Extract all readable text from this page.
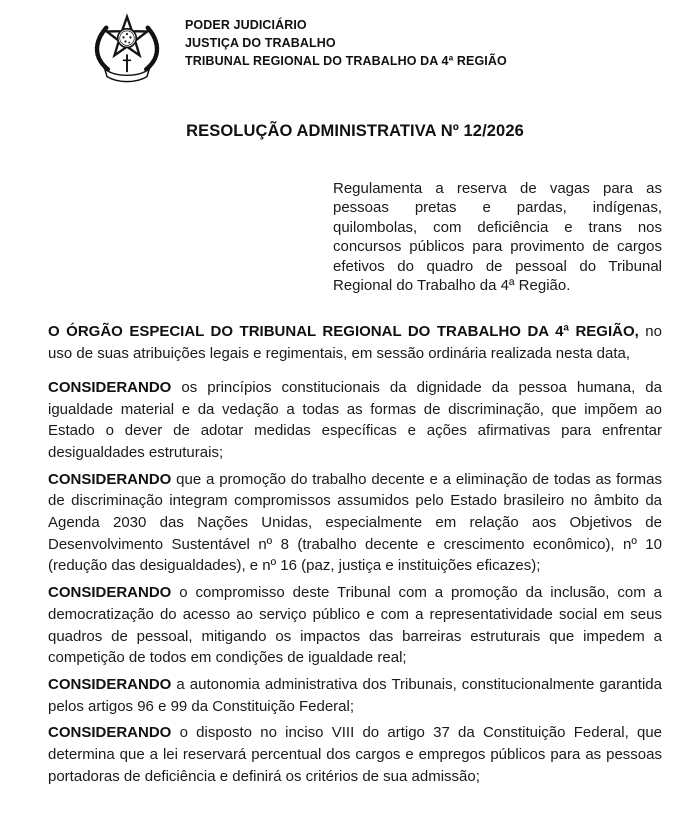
PODER JUDICIÁRIO
JUSTIÇA DO TRABALHO
TRIBUNAL REGIONAL DO TRABALHO DA 4ª REGIÃO
RESOLUÇÃO ADMINISTRATIVA Nº 12/2026

Regulamenta a reserva de vagas para as pessoas pretas e pardas, indígenas, quilombolas, com deficiência e trans nos concursos públicos para provimento de cargos efetivos do quadro de pessoal do Tribunal Regional do Trabalho da 4ª Região.

O ÓRGÃO ESPECIAL DO TRIBUNAL REGIONAL DO TRABALHO DA 4ª REGIÃO, no uso de suas atribuições legais e regimentais, em sessão ordinária realizada nesta data,

CONSIDERANDO os princípios constitucionais da dignidade da pessoa humana, da igualdade material e da vedação a todas as formas de discriminação, que impõem ao Estado o dever de adotar medidas específicas e ações afirmativas para enfrentar desigualdades estruturais;

CONSIDERANDO que a promoção do trabalho decente e a eliminação de todas as formas de discriminação integram compromissos assumidos pelo Estado brasileiro no âmbito da Agenda 2030 das Nações Unidas, especialmente em relação aos Objetivos de Desenvolvimento Sustentável nº 8 (trabalho decente e crescimento econômico), nº 10 (redução das desigualdades), e nº 16 (paz, justiça e instituições eficazes);

CONSIDERANDO o compromisso deste Tribunal com a promoção da inclusão, com a democratização do acesso ao serviço público e com a representatividade social em seus quadros de pessoal, mitigando os impactos das barreiras estruturais que impedem a competição de todos em condições de igualdade real;

CONSIDERANDO a autonomia administrativa dos Tribunais, constitucionalmente garantida pelos artigos 96 e 99 da Constituição Federal;

CONSIDERANDO o disposto no inciso VIII do artigo 37 da Constituição Federal, que determina que a lei reservará percentual dos cargos e empregos públicos para as pessoas portadoras de deficiência e definirá os critérios de sua admissão;
